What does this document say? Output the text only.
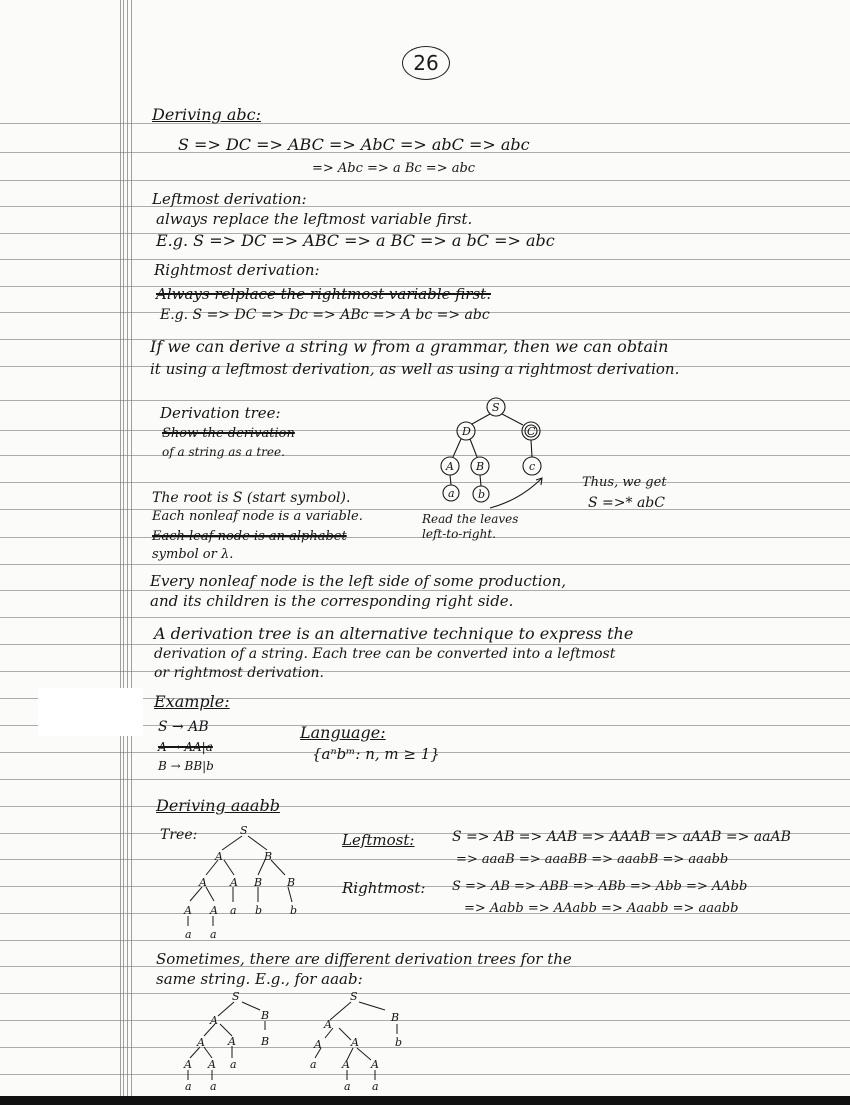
26
Deriving abc:
S => DC => ABC => AbC => abC => abc
=> Abc => a Bc => abc
Leftmost derivation:
always replace the leftmost variable first.
E.g. S => DC => ABC => a BC => a bC => abc
Rightmost derivation:
Always relplace the rightmost variable first.
E.g. S => DC => Dc => ABc => A bc => abc
If we can derive a string w from a grammar, then we can obtain
it using a leftmost derivation, as well as using a rightmost derivation.
Derivation tree:
Show the derivation
of a string as a tree.
The root is S (start symbol).
Each nonleaf node is a variable.
Each leaf node is an alphabet
symbol or λ.
S
D	C
A B	c
a b
Read the leaves
left-to-right.
Thus, we get
S =>* abC
Every nonleaf node is the left side of some production,
and its children is the corresponding right side.
A derivation tree is an alternative technique to express the
derivation of a string. Each tree can be converted into a leftmost
or rightmost derivation.
Example:
S → AB
A → AA|a
B → BB|b
Language:
{aⁿbᵐ: n, m ≥ 1}
Deriving aaabb
Tree:	S
A	B
A A B B
A A a b	b
a a
Leftmost:	S => AB => AAB => AAAB => aAAB => aaAB
=> aaaB => aaaBB => aaabB => aaabb
Rightmost: S => AB => ABB => ABb => Abb => AAbb
=> Aabb => AAabb => Aaabb => aaabb
Sometimes, there are different derivation trees for the
same string. E.g., for aaab:
S
A	B
A A B
A A a
a a
S
A
B
A	A	b
a A A
a a
